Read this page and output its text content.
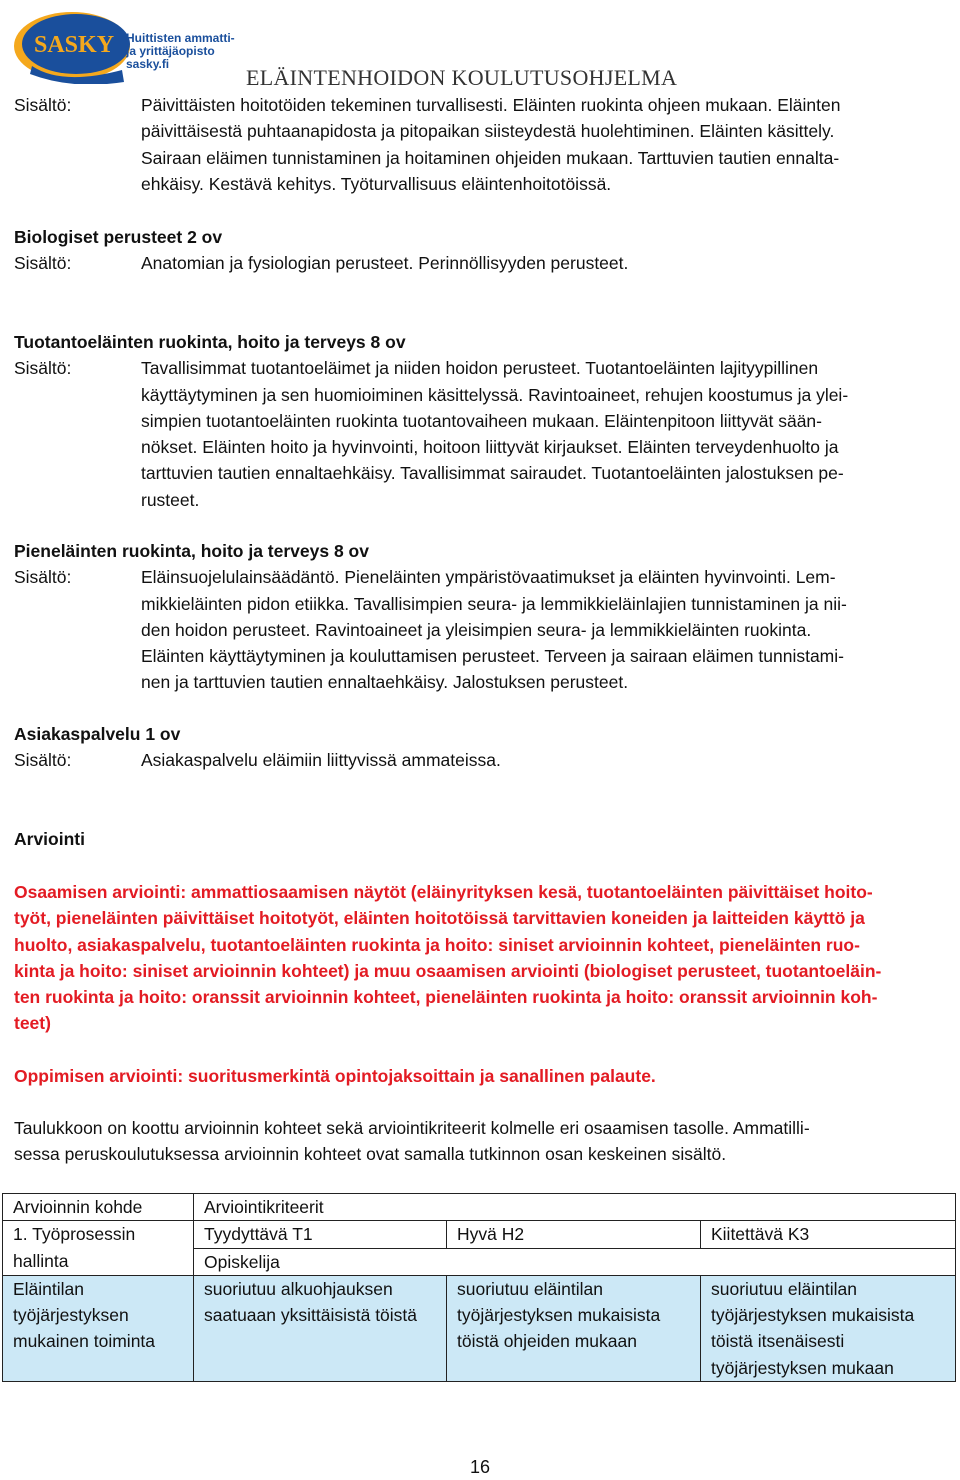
SASKY Huittisten ammatti-
ja yrittäjäopisto
sasky.fi
ELÄINTENHOIDON KOULUTUSOHJELMA
Sisältö:	Päivittäisten hoitotöiden tekeminen turvallisesti. Eläinten ruokinta ohjeen mukaan. Eläinten
päivittäisestä puhtaanapidosta ja pitopaikan siisteydestä huolehtiminen. Eläinten käsittely.
Sairaan eläimen tunnistaminen ja hoitaminen ohjeiden mukaan. Tarttuvien tautien ennalta-
ehkäisy. Kestävä kehitys. Työturvallisuus eläintenhoitotöissä.
Biologiset perusteet 2 ov
Sisältö:	Anatomian ja fysiologian perusteet. Perinnöllisyyden perusteet.
Tuotantoeläinten ruokinta, hoito ja terveys 8 ov
Sisältö:	Tavallisimmat tuotantoeläimet ja niiden hoidon perusteet. Tuotantoeläinten lajityypillinen
käyttäytyminen ja sen huomioiminen käsittelyssä. Ravintoaineet, rehujen koostumus ja ylei-
simpien tuotantoeläinten ruokinta tuotantovaiheen mukaan. Eläintenpitoon liittyvät sään-
nökset. Eläinten hoito ja hyvinvointi, hoitoon liittyvät kirjaukset. Eläinten terveydenhuolto ja
tarttuvien tautien ennaltaehkäisy. Tavallisimmat sairaudet. Tuotantoeläinten jalostuksen pe-
rusteet.
Pieneläinten ruokinta, hoito ja terveys 8 ov
Sisältö:	Eläinsuojelulainsäädäntö. Pieneläinten ympäristövaatimukset ja eläinten hyvinvointi. Lem-
mikkieläinten pidon etiikka. Tavallisimpien seura- ja lemmikkieläinlajien tunnistaminen ja nii-
den hoidon perusteet. Ravintoaineet ja yleisimpien seura- ja lemmikkieläinten ruokinta.
Eläinten käyttäytyminen ja kouluttamisen perusteet. Terveen ja sairaan eläimen tunnistami-
nen ja tarttuvien tautien ennaltaehkäisy. Jalostuksen perusteet.
Asiakaspalvelu 1 ov
Sisältö:	Asiakaspalvelu eläimiin liittyvissä ammateissa.
Arviointi
Osaamisen arviointi: ammattiosaamisen näytöt (eläinyrityksen kesä, tuotantoeläinten päivittäiset hoito-
työt, pieneläinten päivittäiset hoitotyöt, eläinten hoitotöissä tarvittavien koneiden ja laitteiden käyttö ja
huolto, asiakaspalvelu, tuotantoeläinten ruokinta ja hoito: siniset arvioinnin kohteet, pieneläinten ruo-
kinta ja hoito: siniset arvioinnin kohteet) ja muu osaamisen arviointi (biologiset perusteet, tuotantoeläin-
ten ruokinta ja hoito: oranssit arvioinnin kohteet, pieneläinten ruokinta ja hoito: oranssit arvioinnin koh-
teet)
Oppimisen arviointi: suoritusmerkintä opintojaksoittain ja sanallinen palaute.
Taulukkoon on koottu arvioinnin kohteet sekä arviointikriteerit kolmelle eri osaamisen tasolle. Ammatilli-
sessa peruskoulutuksessa arvioinnin kohteet ovat samalla tutkinnon osan keskeinen sisältö.
Arvioinnin kohde	Arviointikriteerit		
1. Työprosessin hallinta	Tyydyttävä T1	Hyvä H2	Kiitettävä K3
	Opiskelija		
Eläintilan työjärjestyksen mukainen toiminta	suoriutuu alkuohjauksen saatuaan yksittäisistä töistä	suoriutuu eläintilan työjärjestyksen mukaisista töistä ohjeiden mukaan	suoriutuu eläintilan työjärjestyksen mukaisista töistä itsenäisesti työjärjestyksen mukaan
16
